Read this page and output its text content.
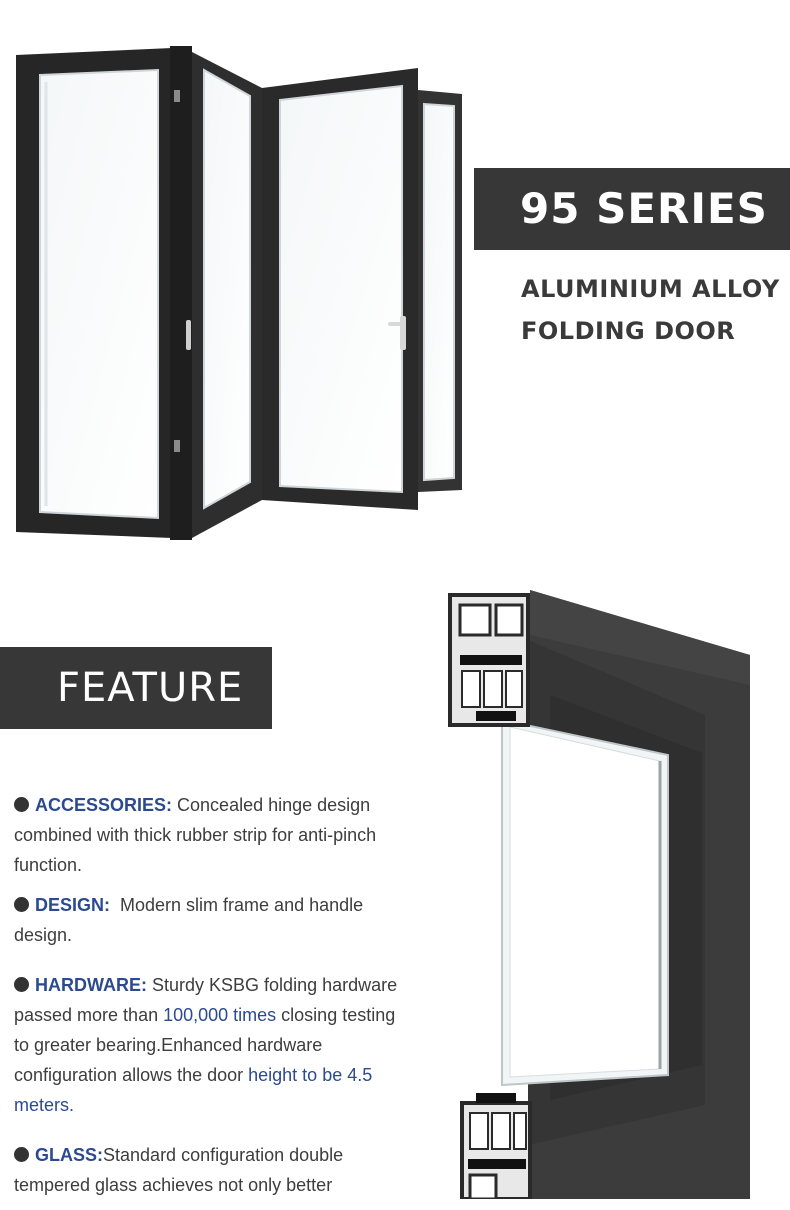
95 SERIES
ALUMINIUM ALLOY
FOLDING DOOR
FEATURE
ACCESSORIES: Concealed hinge design combined with thick rubber strip for anti-pinch function.
DESIGN:  Modern slim frame and handle design.
HARDWARE: Sturdy KSBG folding hardware passed more than 100,000 times closing testing to greater bearing.Enhanced hardware configuration allows the door height to be 4.5 meters.
GLASS:Standard configuration double tempered glass achieves not only better
